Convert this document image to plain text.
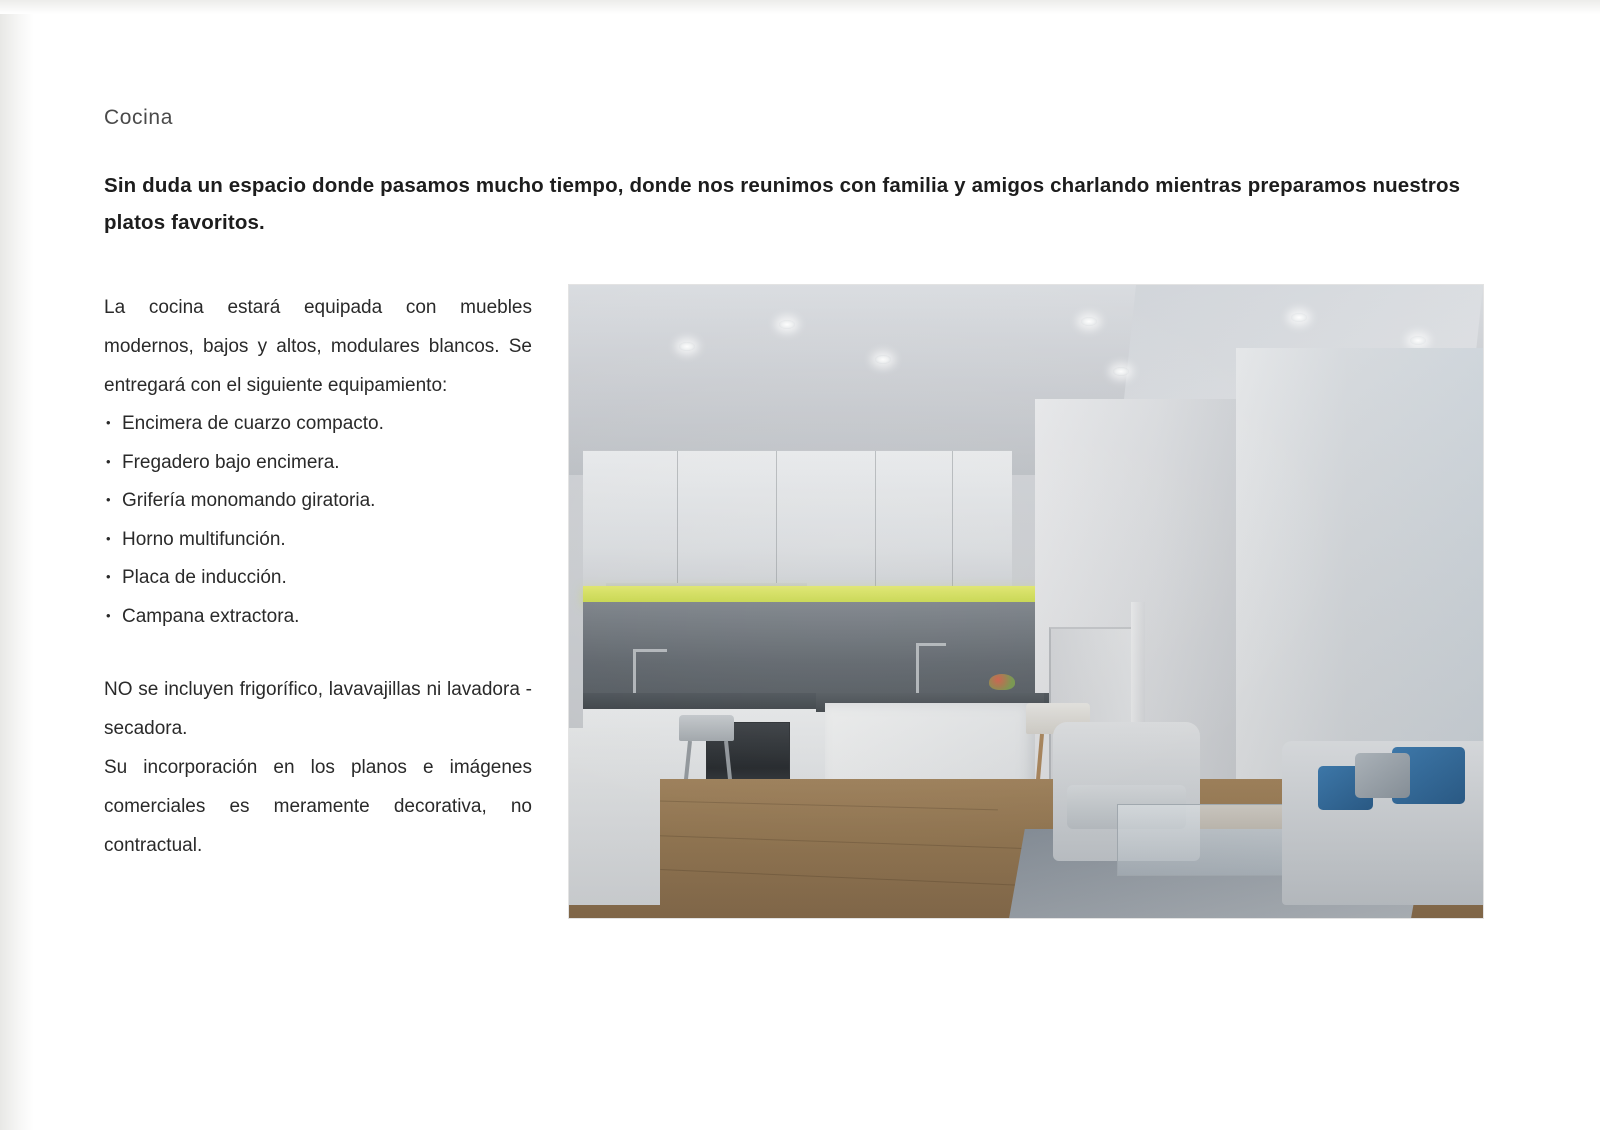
Cocina

Sin duda un espacio donde pasamos mucho tiempo, donde nos reunimos con familia y amigos charlando mientras preparamos nuestros platos favoritos.

La cocina estará equipada con muebles modernos, bajos y altos, modulares blancos. Se entregará con el siguiente equipamiento:

• Encimera de cuarzo compacto.
• Fregadero bajo encimera.
• Grifería monomando giratoria.
• Horno multifunción.
• Placa de inducción.
• Campana extractora.

NO se incluyen frigorífico, lavavajillas ni lavadora - secadora.

Su incorporación en los planos e imágenes comerciales es meramente decorativa, no contractual.
